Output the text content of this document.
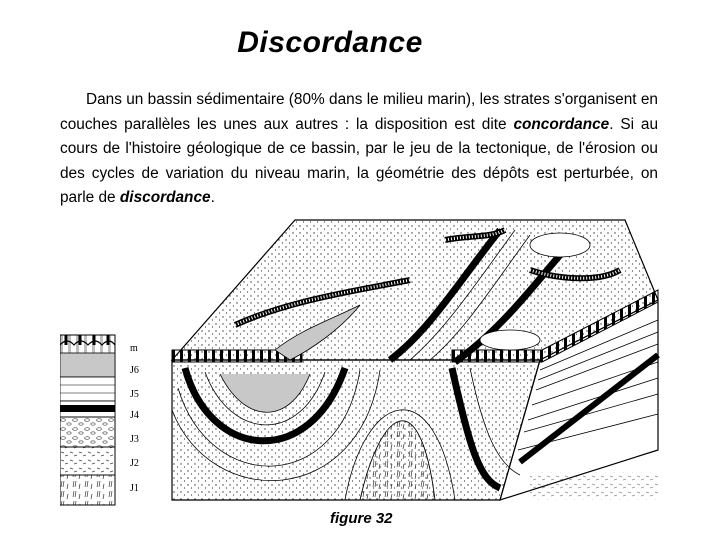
Discordance
Dans un bassin sédimentaire (80% dans le milieu marin), les strates s'organisent en couches parallèles les unes aux autres : la disposition est dite concordance. Si au cours de l'histoire géologique de ce bassin, par le jeu de la tectonique, de l'érosion ou des cycles de variation du niveau marin, la géométrie des dépôts est perturbée, on parle de discordance.
m
J6
J5
J4
J3
J2
J1
figure 32
